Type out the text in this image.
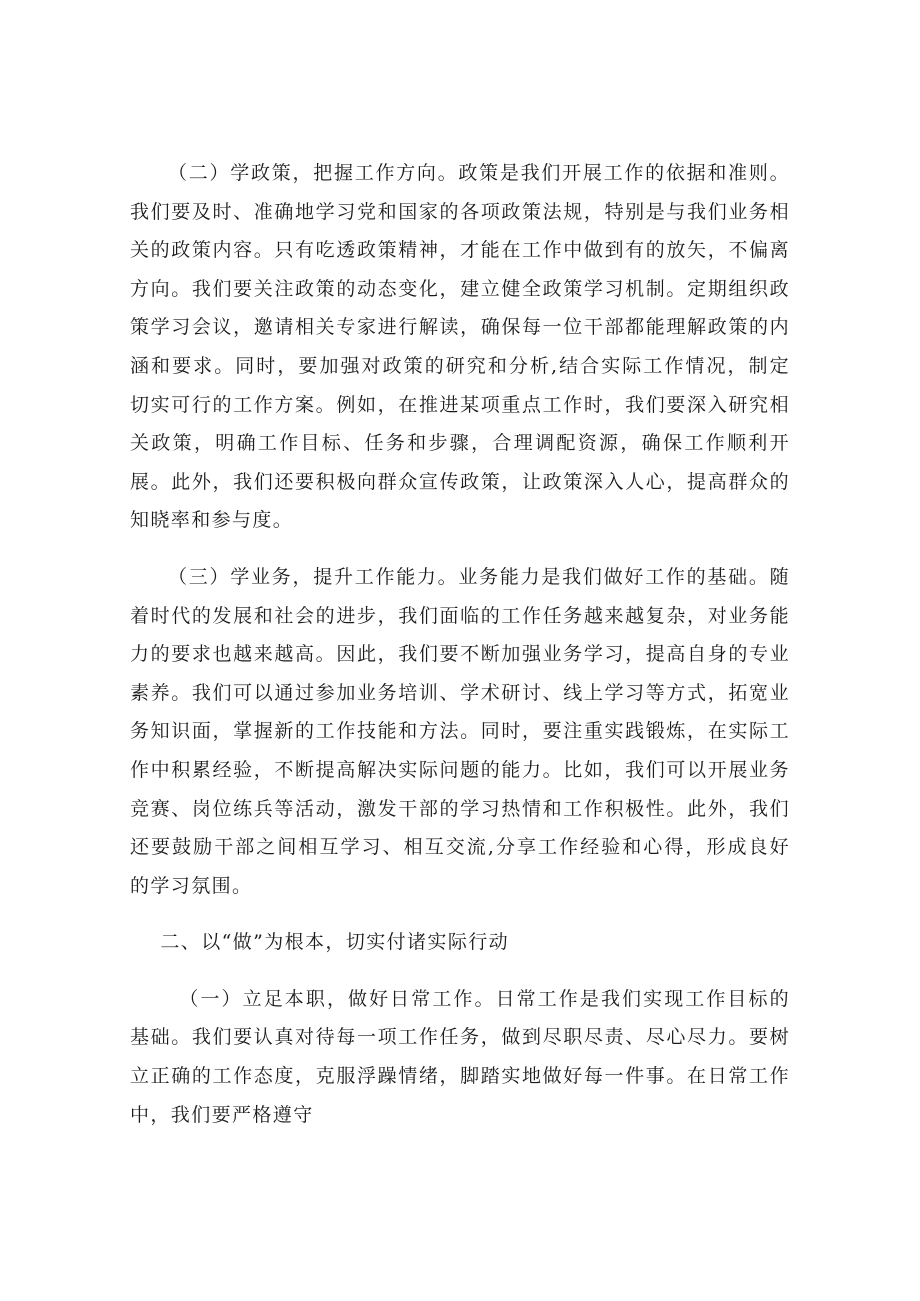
（二）学政策，把握工作方向。政策是我们开展工作的依据和准则。我们要及时、准确地学习党和国家的各项政策法规，特别是与我们业务相关的政策内容。只有吃透政策精神，才能在工作中做到有的放矢，不偏离方向。我们要关注政策的动态变化，建立健全政策学习机制。定期组织政策学习会议，邀请相关专家进行解读，确保每一位干部都能理解政策的内涵和要求。同时，要加强对政策的研究和分析,结合实际工作情况，制定切实可行的工作方案。例如，在推进某项重点工作时，我们要深入研究相关政策，明确工作目标、任务和步骤，合理调配资源，确保工作顺利开展。此外，我们还要积极向群众宣传政策，让政策深入人心，提高群众的知晓率和参与度。

（三）学业务，提升工作能力。业务能力是我们做好工作的基础。随着时代的发展和社会的进步，我们面临的工作任务越来越复杂，对业务能力的要求也越来越高。因此，我们要不断加强业务学习，提高自身的专业素养。我们可以通过参加业务培训、学术研讨、线上学习等方式，拓宽业务知识面，掌握新的工作技能和方法。同时，要注重实践锻炼，在实际工作中积累经验，不断提高解决实际问题的能力。比如，我们可以开展业务竞赛、岗位练兵等活动，激发干部的学习热情和工作积极性。此外，我们还要鼓励干部之间相互学习、相互交流,分享工作经验和心得，形成良好的学习氛围。

二、以“做”为根本，切实付诸实际行动

（一）立足本职，做好日常工作。日常工作是我们实现工作目标的基础。我们要认真对待每一项工作任务，做到尽职尽责、尽心尽力。要树立正确的工作态度，克服浮躁情绪，脚踏实地做好每一件事。在日常工作中，我们要严格遵守
